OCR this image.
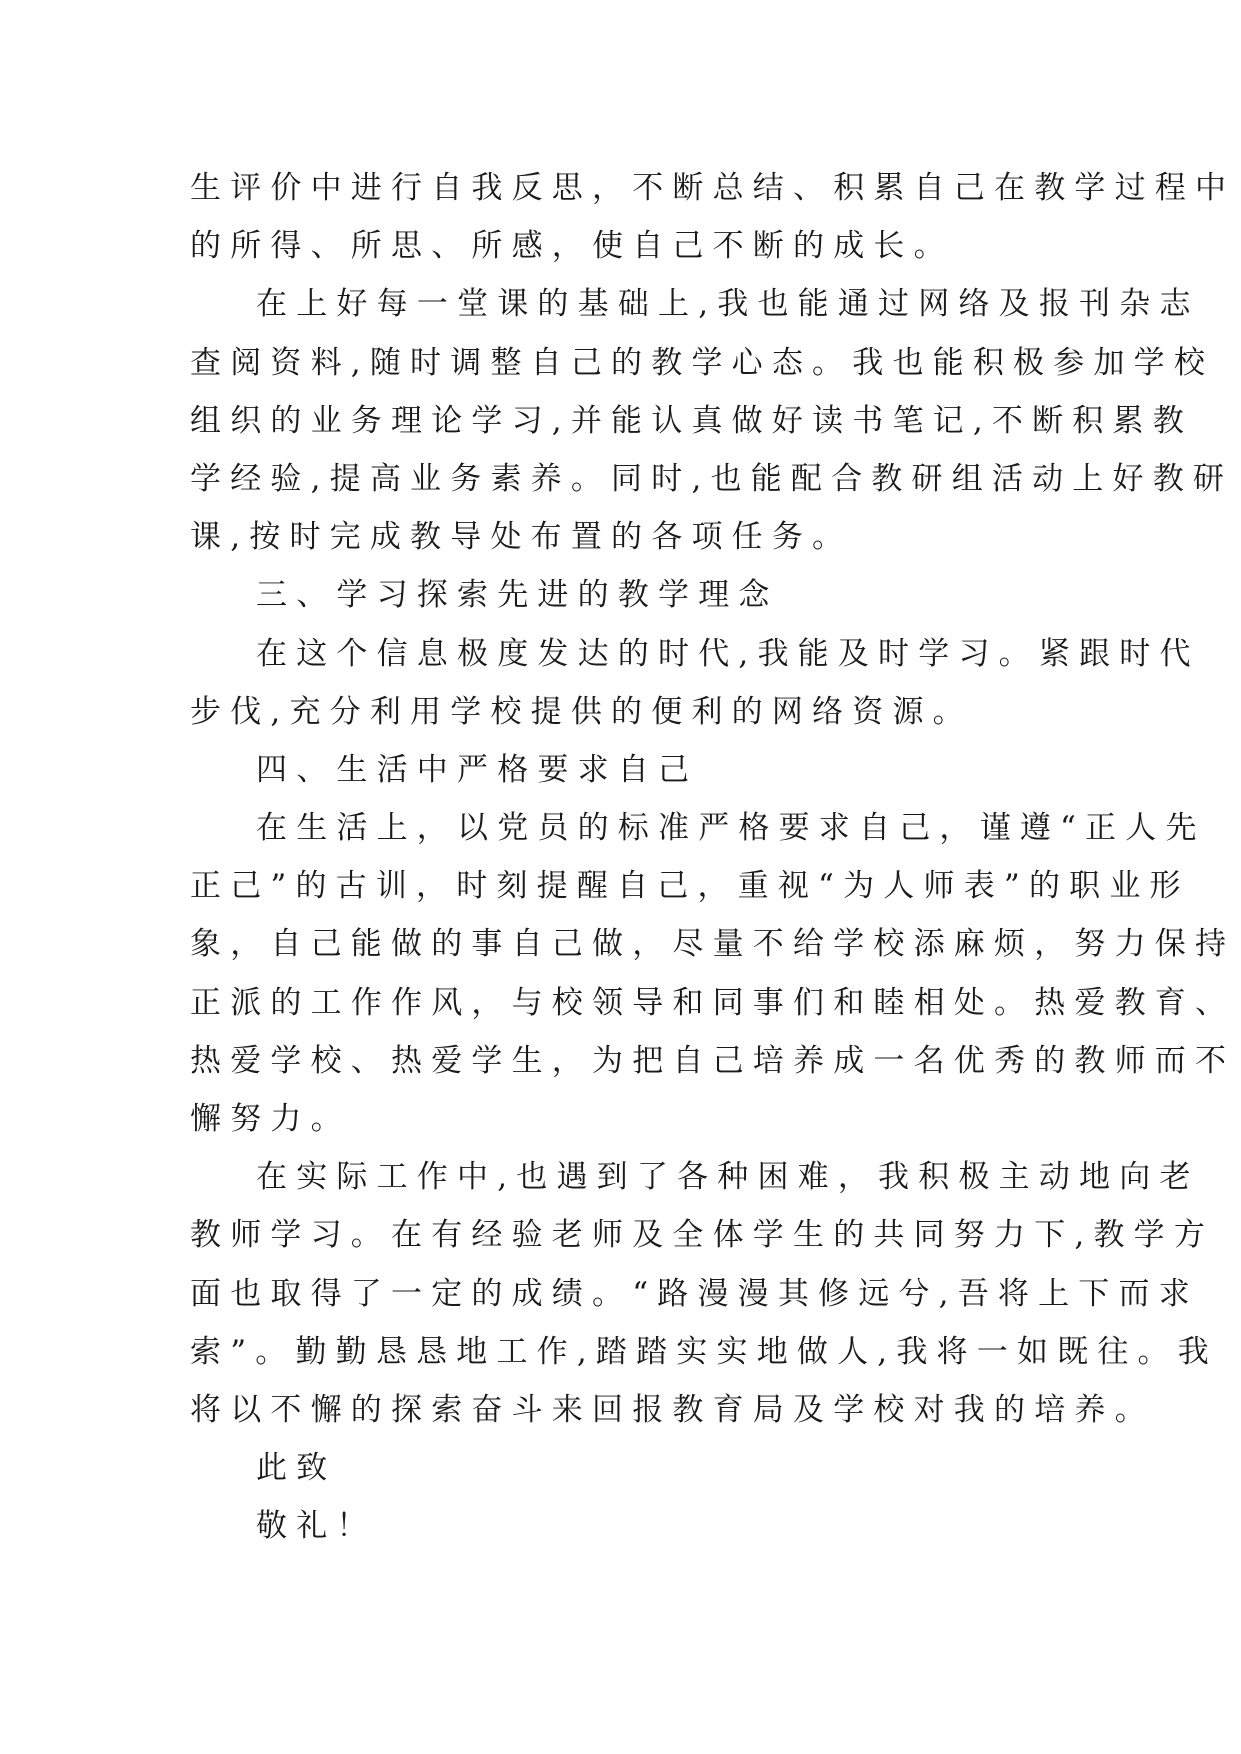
生评价中进行自我反思，不断总结、积累自己在教学过程中
的所得、所思、所感，使自己不断的成长。
在上好每一堂课的基础上,我也能通过网络及报刊杂志
查阅资料,随时调整自己的教学心态。我也能积极参加学校
组织的业务理论学习,并能认真做好读书笔记,不断积累教
学经验,提高业务素养。同时,也能配合教研组活动上好教研
课,按时完成教导处布置的各项任务。
三、学习探索先进的教学理念
在这个信息极度发达的时代,我能及时学习。紧跟时代
步伐,充分利用学校提供的便利的网络资源。
四、生活中严格要求自己
在生活上，以党员的标准严格要求自己，谨遵“正人先
正己”的古训，时刻提醒自己，重视“为人师表”的职业形
象，自己能做的事自己做，尽量不给学校添麻烦，努力保持
正派的工作作风，与校领导和同事们和睦相处。热爱教育、
热爱学校、热爱学生，为把自己培养成一名优秀的教师而不
懈努力。
在实际工作中,也遇到了各种困难，我积极主动地向老
教师学习。在有经验老师及全体学生的共同努力下,教学方
面也取得了一定的成绩。“路漫漫其修远兮,吾将上下而求
索”。勤勤恳恳地工作,踏踏实实地做人,我将一如既往。我
将以不懈的探索奋斗来回报教育局及学校对我的培养。
此致
敬礼！
